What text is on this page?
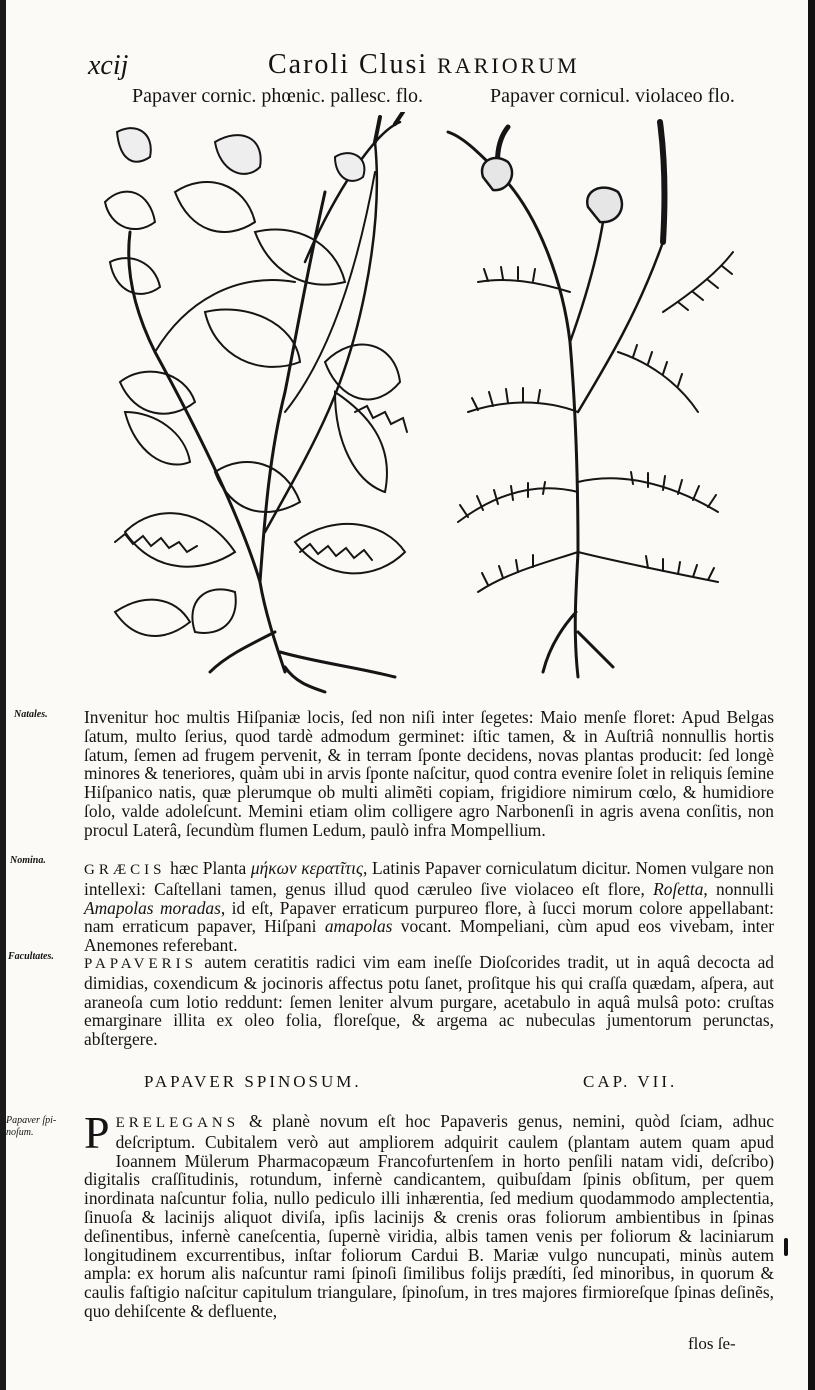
xcij	Caroli Clusi RARIORUM
Papaver cornic. phœnic. pallesc. flo.	Papaver cornicul. violaceo flo.
Natales.
Nomina.
Facultates.
Papaver ſpi-
noſum.

Invenitur hoc multis Hiſpaniæ locis, ſed non niſi inter ſegetes: Maio menſe floret: Apud Belgas ſatum, multo ſerius, quod tardè admodum germinet: iſtic tamen, & in Auſtriâ nonnullis hortis ſatum, ſemen ad frugem pervenit, & in terram ſponte decidens, novas plantas producit: ſed longè minores & teneriores, quàm ubi in arvis ſponte naſcitur, quod contra evenire ſolet in reliquis ſemine Hiſpanico natis, quæ plerumque ob multi alimẽti copiam, frigidiore nimirum cœlo, & humidiore ſolo, valde adoleſcunt. Memini etiam olim colligere agro Narbonenſi in agris avena conſitis, non procul Laterâ, ſecundùm flumen Ledum, paulò infra Mompellium.

GRÆCIS hæc Planta μήκων κερατῖτις, Latinis Papaver corniculatum dicitur. Nomen vulgare non intellexi: Caſtellani tamen, genus illud quod cæruleo ſive violaceo eſt flore, Roſetta, nonnulli Amapolas moradas, id eſt, Papaver erraticum purpureo flore, à ſucci morum colore appellabant: nam erraticum papaver, Hiſpani amapolas vocant. Mompeliani, cùm apud eos vivebam, inter Anemones referebant.

PAPAVERIS autem ceratitis radici vim eam ineſſe Dioſcorides tradit, ut in aquâ decocta ad dimidias, coxendicum & jocinoris affectus potu ſanet, proſitque his qui craſſa quædam, aſpera, aut araneoſa cum lotio reddunt: ſemen leniter alvum purgare, acetabulo in aquâ mulsâ poto: cruſtas emarginare illita ex oleo folia, floreſque, & argema ac nubeculas jumentorum perunctas, abſtergere.

PAPAVER SPINOSUM.	CAP. VII.

PERELEGANS & planè novum eſt hoc Papaveris genus, nemini, quòd ſciam, adhuc deſcriptum. Cubitalem verò aut ampliorem adquirit caulem (plantam autem quam apud Ioannem Mülerum Pharmacopæum Francofurtenſem in horto penſili natam vidi, deſcribo) digitalis craſſitudinis, rotundum, infernè candicantem, quibuſdam ſpinis obſitum, per quem inordinata naſcuntur folia, nullo pediculo illi inhærentia, ſed medium quodammodo amplectentia, ſinuoſa & lacinijs aliquot diviſa, ipſis lacinijs & crenis oras foliorum ambientibus in ſpinas deſinentibus, infernè caneſcentia, ſupernè viridia, albis tamen venis per foliorum & laciniarum longitudinem excurrentibus, inſtar foliorum Cardui B. Mariæ vulgo nuncupati, minùs autem ampla: ex horum alis naſcuntur rami ſpinoſi ſimilibus folijs prædíti, ſed minoribus, in quorum & caulis faſtigio naſcitur capitulum triangulare, ſpinoſum, in tres majores firmioreſque ſpinas deſinẽs, quo dehiſcente & defluente,

flos ſe-
